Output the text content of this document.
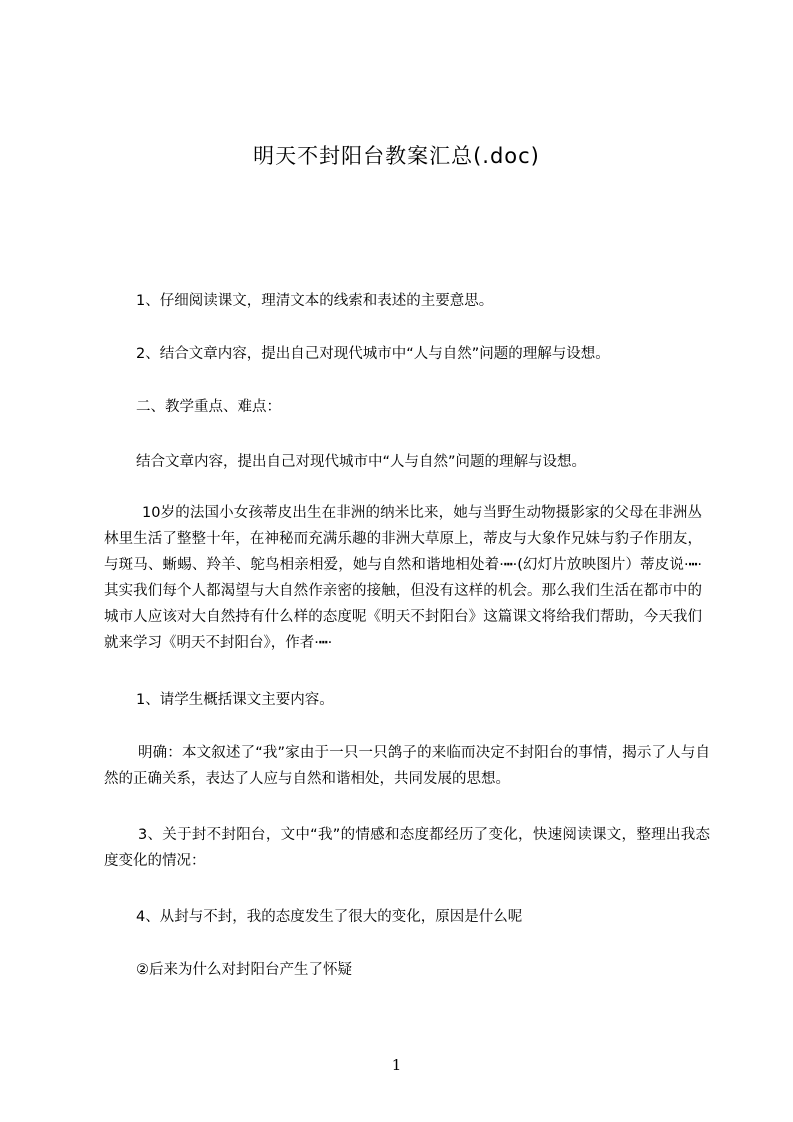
明天不封阳台教案汇总(.doc)

1、仔细阅读课文，理清文本的线索和表述的主要意思。

2、结合文章内容，提出自己对现代城市中“人与自然”问题的理解与设想。

二、教学重点、难点：

结合文章内容，提出自己对现代城市中“人与自然”问题的理解与设想。

10岁的法国小女孩蒂皮出生在非洲的纳米比来，她与当野生动物摄影家的父母在非洲丛林里生活了整整十年，在神秘而充满乐趣的非洲大草原上，蒂皮与大象作兄妹与豹子作朋友，与斑马、蜥蜴、羚羊、鸵鸟相亲相爱，她与自然和谐地相处着·┅·(幻灯片放映图片）蒂皮说·┅·其实我们每个人都渴望与大自然作亲密的接触，但没有这样的机会。那么我们生活在都市中的城市人应该对大自然持有什么样的态度呢《明天不封阳台》这篇课文将给我们帮助，今天我们就来学习《明天不封阳台》，作者·┅·

1、请学生概括课文主要内容。

明确：本文叙述了“我”家由于一只一只鸽子的来临而决定不封阳台的事情，揭示了人与自然的正确关系，表达了人应与自然和谐相处，共同发展的思想。

3、关于封不封阳台，文中“我”的情感和态度都经历了变化，快速阅读课文，整理出我态度变化的情况：

4、从封与不封，我的态度发生了很大的变化，原因是什么呢

②后来为什么对封阳台产生了怀疑

1
